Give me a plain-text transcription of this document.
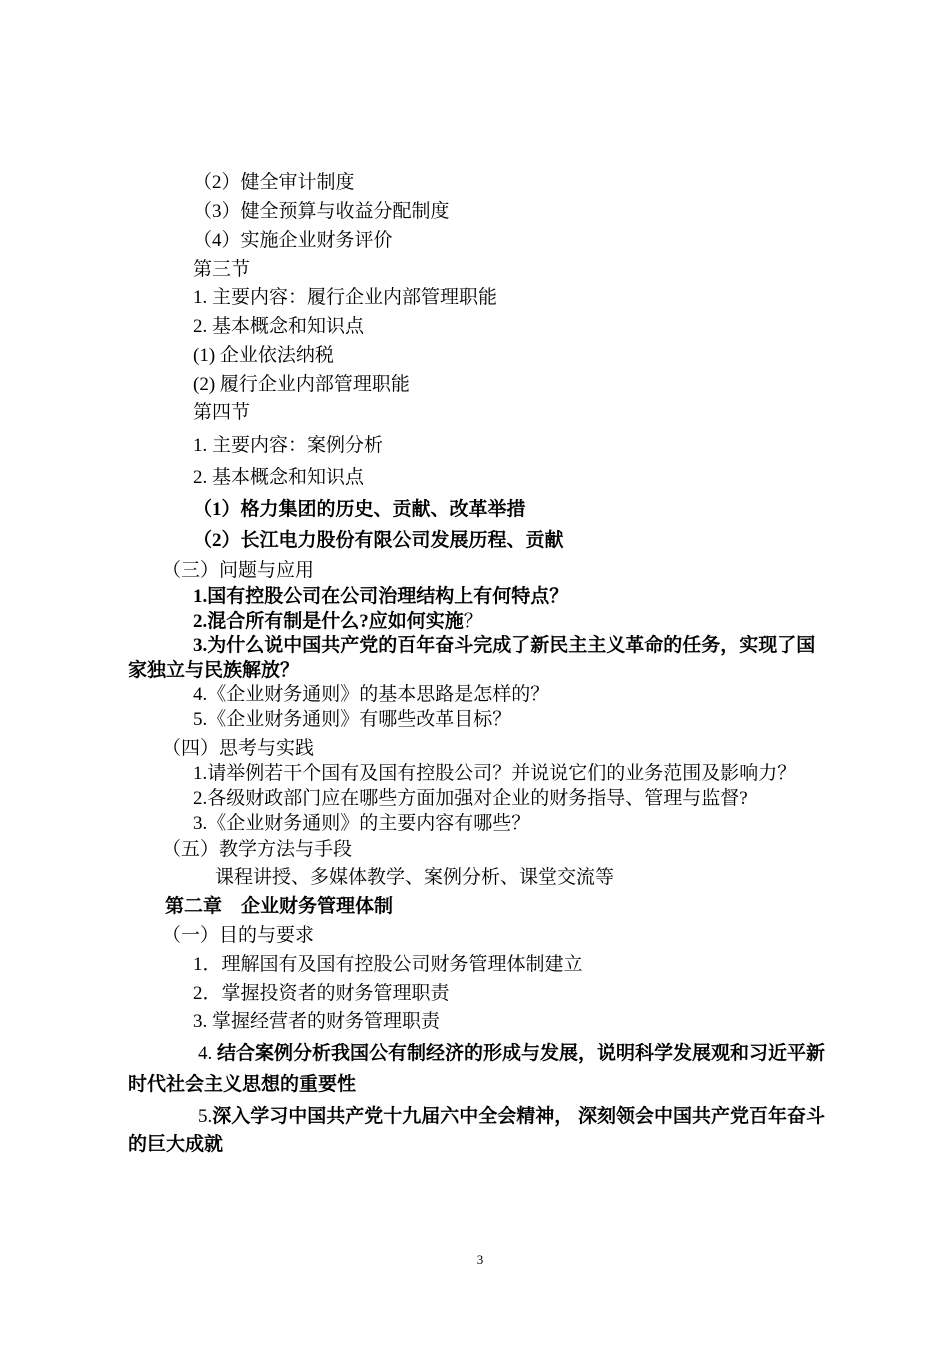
（2）健全审计制度
（3）健全预算与收益分配制度
（4）实施企业财务评价
第三节
1. 主要内容：履行企业内部管理职能
2. 基本概念和知识点
(1) 企业依法纳税
(2) 履行企业内部管理职能
第四节
1. 主要内容：案例分析
2. 基本概念和知识点
（1）格力集团的历史、贡献、改革举措
（2）长江电力股份有限公司发展历程、贡献
（三）问题与应用
1.国有控股公司在公司治理结构上有何特点？
2.混合所有制是什么?应如何实施？
3.为什么说中国共产党的百年奋斗完成了新民主主义革命的任务，实现了国
家独立与民族解放？
4.《企业财务通则》的基本思路是怎样的？
5.《企业财务通则》有哪些改革目标？
（四）思考与实践
1.请举例若干个国有及国有控股公司？并说说它们的业务范围及影响力？
2.各级财政部门应在哪些方面加强对企业的财务指导、管理与监督?
3.《企业财务通则》的主要内容有哪些？
（五）教学方法与手段
课程讲授、多媒体教学、案例分析、课堂交流等
第二章　企业财务管理体制
（一）目的与要求
1．理解国有及国有控股公司财务管理体制建立
2．掌握投资者的财务管理职责
3. 掌握经营者的财务管理职责
4. 结合案例分析我国公有制经济的形成与发展，说明科学发展观和习近平新
时代社会主义思想的重要性
5.深入学习中国共产党十九届六中全会精神， 深刻领会中国共产党百年奋斗
的巨大成就
3
